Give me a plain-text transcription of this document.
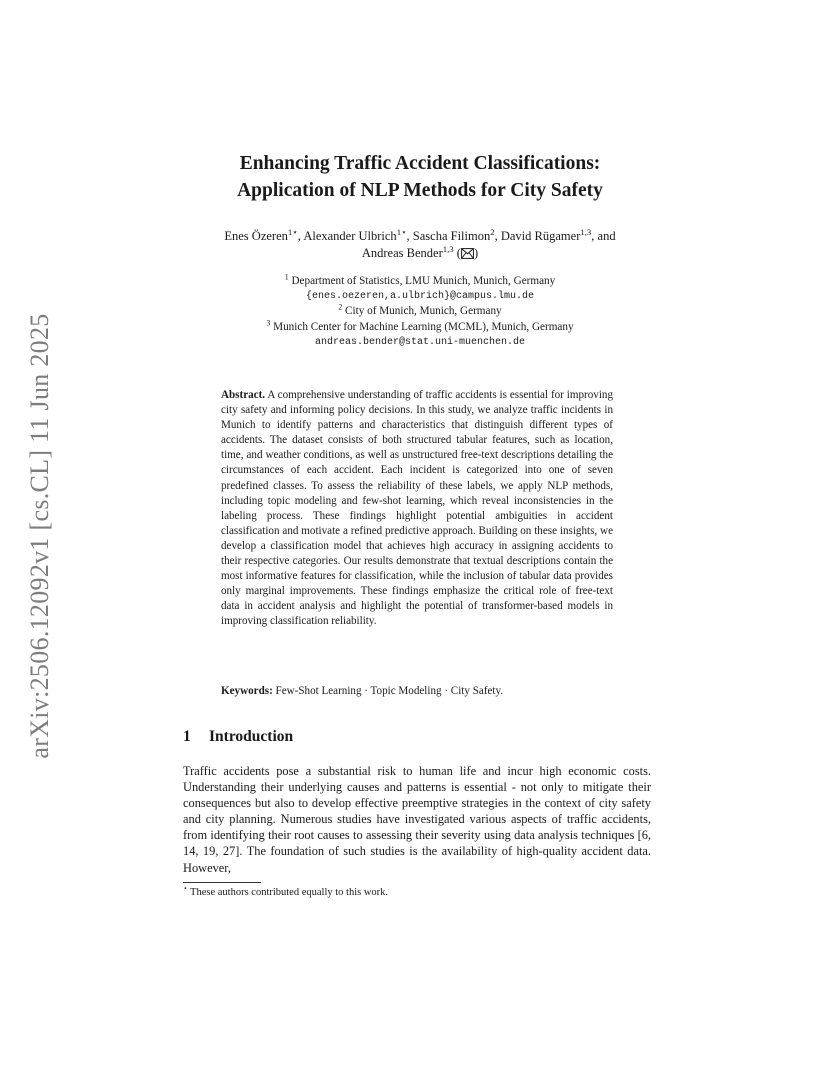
arXiv:2506.12092v1 [cs.CL] 11 Jun 2025
Enhancing Traffic Accident Classifications:
Application of NLP Methods for City Safety
Enes Özeren$^{1⋆}$, Alexander Ulbrich$^{1⋆}$, Sascha Filimon$^2$, David Rügamer$^{1,3}$, and
Andreas Bender$^{1,3}$ ( )
$^1$ Department of Statistics, LMU Munich, Munich, Germany
{enes.oezeren,a.ulbrich}@campus.lmu.de
$^2$ City of Munich, Munich, Germany
$^3$ Munich Center for Machine Learning (MCML), Munich, Germany
andreas.bender@stat.uni-muenchen.de
Abstract. A comprehensive understanding of traffic accidents is essential for improving city safety and informing policy decisions. In this study, we analyze traffic incidents in Munich to identify patterns and characteristics that distinguish different types of accidents. The dataset consists of both structured tabular features, such as location, time, and weather conditions, as well as unstructured free-text descriptions detailing the circumstances of each accident. Each incident is categorized into one of seven predefined classes. To assess the reliability of these labels, we apply NLP methods, including topic modeling and few-shot learning, which reveal inconsistencies in the labeling process. These findings highlight potential ambiguities in accident classification and motivate a refined predictive approach. Building on these insights, we develop a classification model that achieves high accuracy in assigning accidents to their respective categories. Our results demonstrate that textual descriptions contain the most informative features for classification, while the inclusion of tabular data provides only marginal improvements. These findings emphasize the critical role of free-text data in accident analysis and highlight the potential of transformer-based models in improving classification reliability.
Keywords: Few-Shot Learning · Topic Modeling · City Safety.
1 Introduction
Traffic accidents pose a substantial risk to human life and incur high economic costs. Understanding their underlying causes and patterns is essential - not only to mitigate their consequences but also to develop effective preemptive strategies in the context of city safety and city planning. Numerous studies have investigated various aspects of traffic accidents, from identifying their root causes to assessing their severity using data analysis techniques [6, 14, 19, 27]. The foundation of such studies is the availability of high-quality accident data. However,
⋆ These authors contributed equally to this work.
